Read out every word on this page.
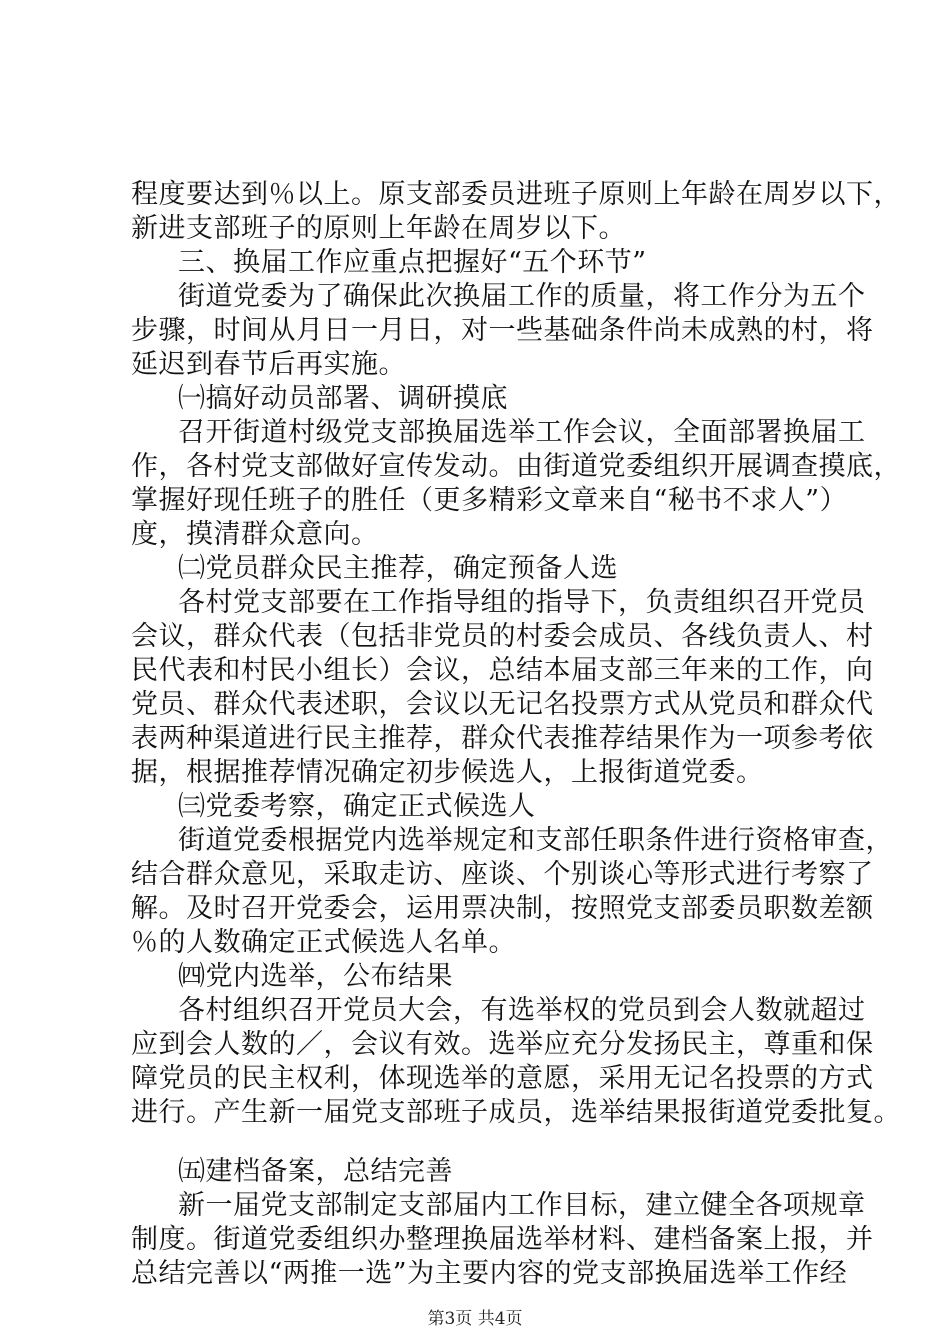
程度要达到％以上。原支部委员进班子原则上年龄在周岁以下，
新进支部班子的原则上年龄在周岁以下。
三、换届工作应重点把握好“五个环节”
街道党委为了确保此次换届工作的质量，将工作分为五个
步骤，时间从月日一月日，对一些基础条件尚未成熟的村，将
延迟到春节后再实施。
㈠搞好动员部署、调研摸底
召开街道村级党支部换届选举工作会议，全面部署换届工
作，各村党支部做好宣传发动。由街道党委组织开展调查摸底，
掌握好现任班子的胜任（更多精彩文章来自“秘书不求人”）
度，摸清群众意向。
㈡党员群众民主推荐，确定预备人选
各村党支部要在工作指导组的指导下，负责组织召开党员
会议，群众代表（包括非党员的村委会成员、各线负责人、村
民代表和村民小组长）会议，总结本届支部三年来的工作，向
党员、群众代表述职，会议以无记名投票方式从党员和群众代
表两种渠道进行民主推荐，群众代表推荐结果作为一项参考依
据，根据推荐情况确定初步候选人，上报街道党委。
㈢党委考察，确定正式候选人
街道党委根据党内选举规定和支部任职条件进行资格审查，
结合群众意见，采取走访、座谈、个别谈心等形式进行考察了
解。及时召开党委会，运用票决制，按照党支部委员职数差额
％的人数确定正式候选人名单。
㈣党内选举，公布结果
各村组织召开党员大会，有选举权的党员到会人数就超过
应到会人数的／，会议有效。选举应充分发扬民主，尊重和保
障党员的民主权利，体现选举的意愿，采用无记名投票的方式
进行。产生新一届党支部班子成员，选举结果报街道党委批复。
㈤建档备案，总结完善
新一届党支部制定支部届内工作目标，建立健全各项规章
制度。街道党委组织办整理换届选举材料、建档备案上报，并
总结完善以“两推一选”为主要内容的党支部换届选举工作经
第3页 共4页
